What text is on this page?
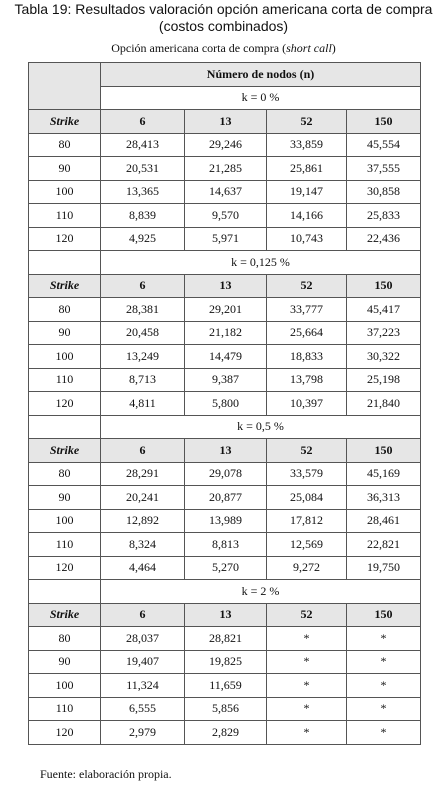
Tabla 19: Resultados valoración opción americana corta de compra
(costos combinados)
Opción americana corta de compra (short call)
	Número de nodos (n)			
	k = 0 %			
Strike	6	13	52	150
80	28,413	29,246	33,859	45,554
90	20,531	21,285	25,861	37,555
100	13,365	14,637	19,147	30,858
110	8,839	9,570	14,166	25,833
120	4,925	5,971	10,743	22,436
	k = 0,125 %			
Strike	6	13	52	150
80	28,381	29,201	33,777	45,417
90	20,458	21,182	25,664	37,223
100	13,249	14,479	18,833	30,322
110	8,713	9,387	13,798	25,198
120	4,811	5,800	10,397	21,840
	k = 0,5 %			
Strike	6	13	52	150
80	28,291	29,078	33,579	45,169
90	20,241	20,877	25,084	36,313
100	12,892	13,989	17,812	28,461
110	8,324	8,813	12,569	22,821
120	4,464	5,270	9,272	19,750
	k = 2 %			
Strike	6	13	52	150
80	28,037	28,821	*	*
90	19,407	19,825	*	*
100	11,324	11,659	*	*
110	6,555	5,856	*	*
120	2,979	2,829	*	*
Fuente: elaboración propia.
